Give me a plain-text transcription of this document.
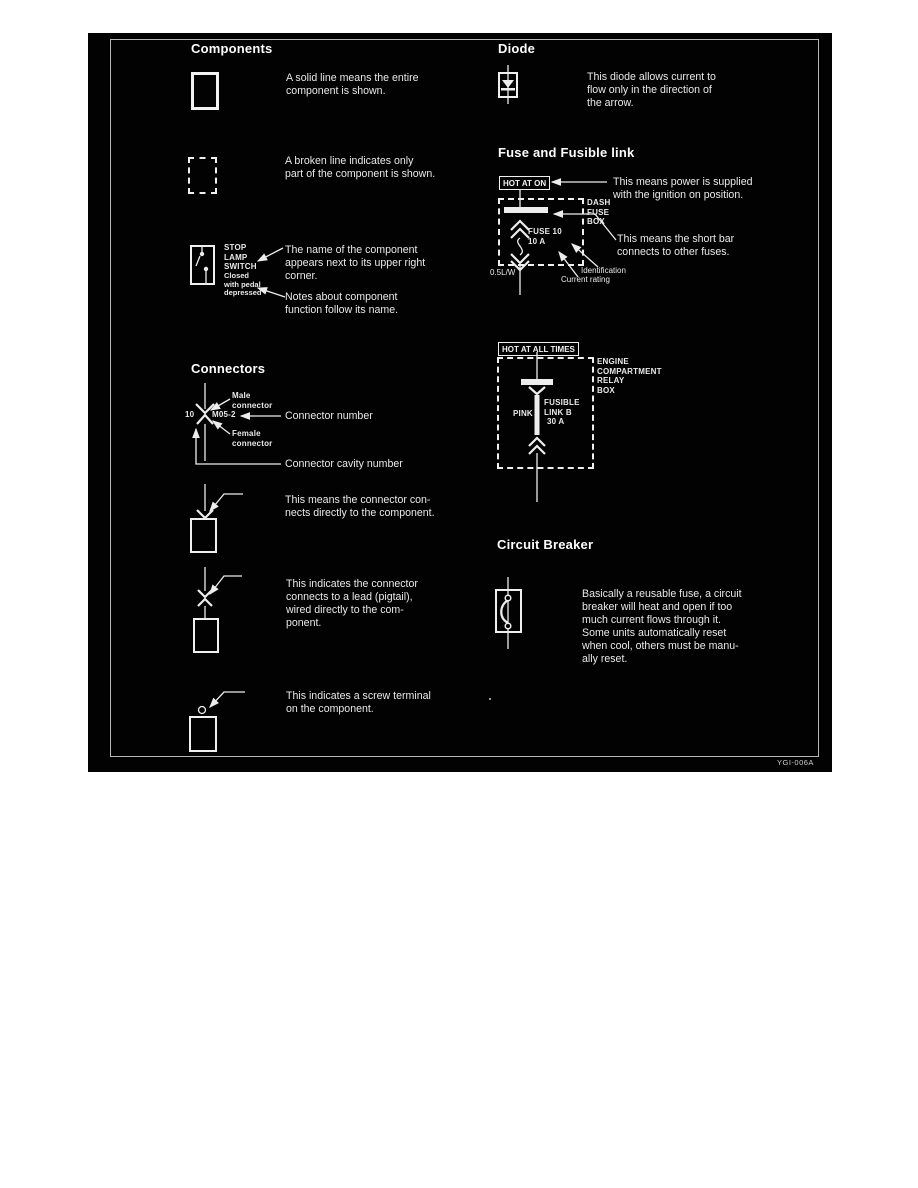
Components
A solid line means the entire
component is shown.
A broken line indicates only
part of the component is shown.
STOP
LAMP
SWITCH
Closed
with pedal
depressed
The name of the component
appears next to its upper right
corner.
Notes about component
function follow its name.
Connectors
Male
connector
10 M05-2	Connector number
Female
connector
Connector cavity number
This means the connector con-
nects directly to the component.
This indicates the connector
connects to a lead (pigtail),
wired directly to the com-
ponent.
This indicates a screw terminal
on the component.
Diode
This diode allows current to
flow only in the direction of
the arrow.
Fuse and Fusible link
HOT AT ON	This means power is supplied
with the ignition on position.
DASH
FUSE
BOX
FUSE 10
10 A	This means the short bar
connects to other fuses.
Identification
Current rating
0.5L/W
HOT AT ALL TIMES
ENGINE
COMPARTMENT
RELAY
BOX
PINK
FUSIBLE
LINK B
30 A
Circuit Breaker
Basically a reusable fuse, a circuit
breaker will heat and open if too
much current flows through it.
Some units automatically reset
when cool, others must be manu-
ally reset.
YGI-006A
